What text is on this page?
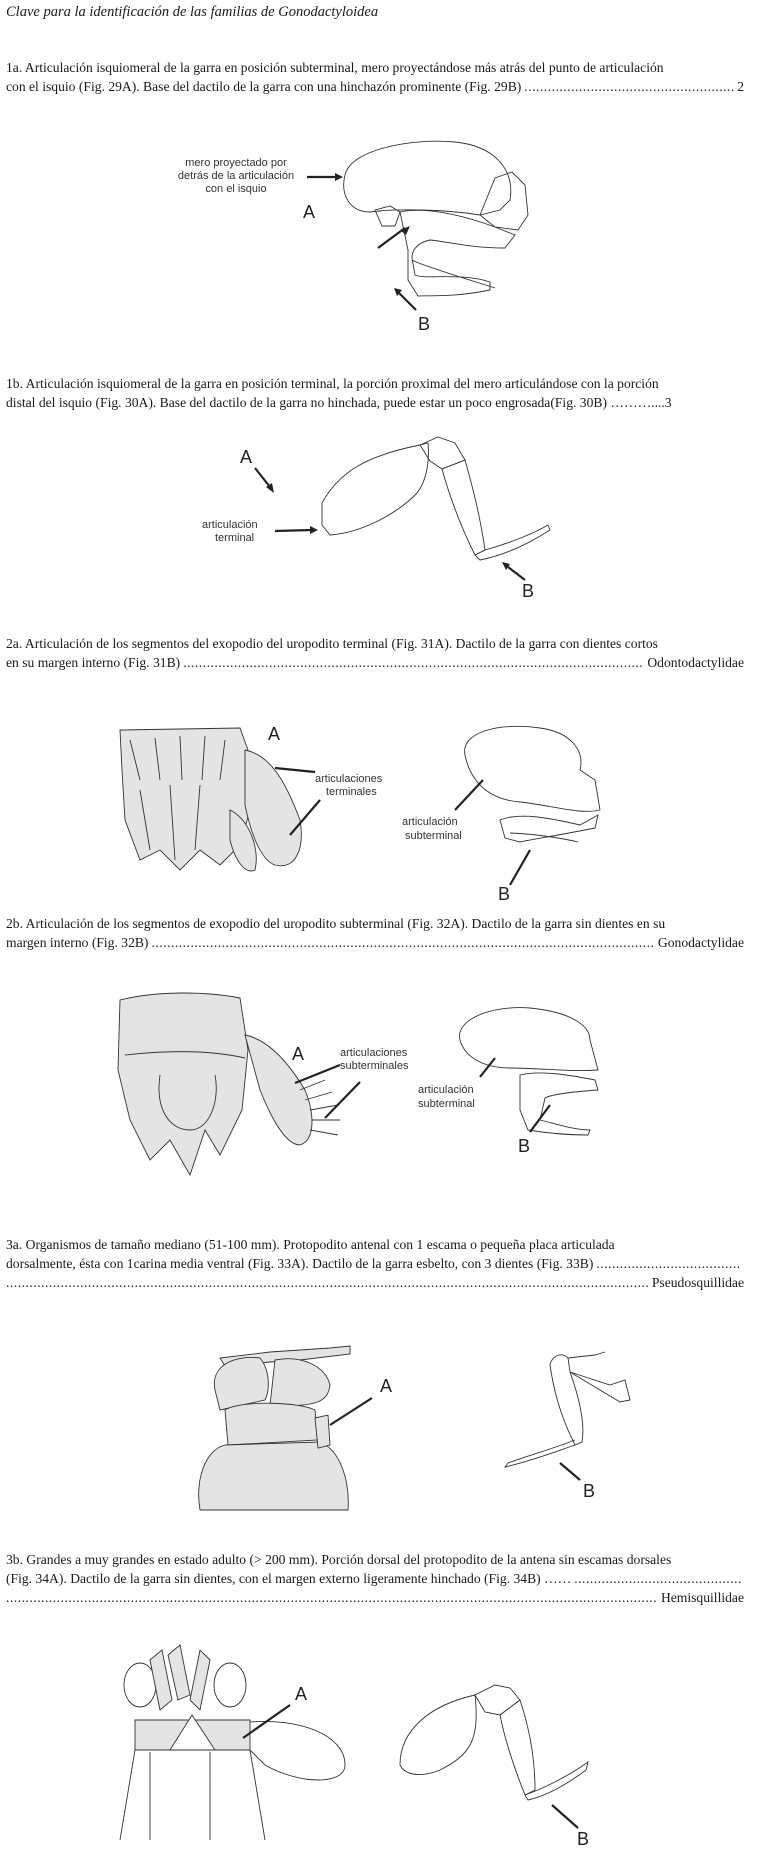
Clave para la identificación de las familias de Gonodactyloidea
1a. Articulación isquiomeral de la garra en posición subterminal, mero proyectándose más atrás del punto de articulación
con el isquio (Fig. 29A). Base del dactilo de la garra con una hinchazón prominente (Fig. 29B) .....	2
mero proyectado por
detrás de la articulación
con el isquio
A
B
1b. Articulación isquiomeral de la garra en posición terminal, la porción proximal del mero articulándose con la porción
distal del isquio (Fig. 30A). Base del dactilo de la garra no hinchada, puede estar un poco engrosada(Fig. 30B) ……… ....3
A
articulación
terminal
B
2a. Articulación de los segmentos del exopodio del uropodito terminal (Fig. 31A). Dactilo de la garra con dientes cortos
en su margen interno (Fig. 31B) .....	Odontodactylidae
A
articulaciones
terminales
articulación
subterminal
B
2b. Articulación de los segmentos de exopodio del uropodito subterminal (Fig. 32A). Dactilo de la garra sin dientes en su
margen interno (Fig. 32B) .....	Gonodactylidae
A	articulaciones
subterminales
articulación
subterminal
B
3a. Organismos de tamaño mediano (51-100 mm). Protopodito antenal con 1 escama o pequeña placa articulada
dorsalmente, ésta con 1carina media ventral (Fig. 33A). Dactilo de la garra esbelto, con 3 dientes (Fig. 33B)
.....
.....
Pseudosquillidae
A
B
3b. Grandes a muy grandes en estado adulto (> 200 mm). Porción dorsal del protopodito de la antena sin escamas dorsales
(Fig. 34A). Dactilo de la garra sin dientes, con el margen externo ligeramente hinchado (Fig. 34B) ……
.....
.....
Hemisquillidae
A
B
